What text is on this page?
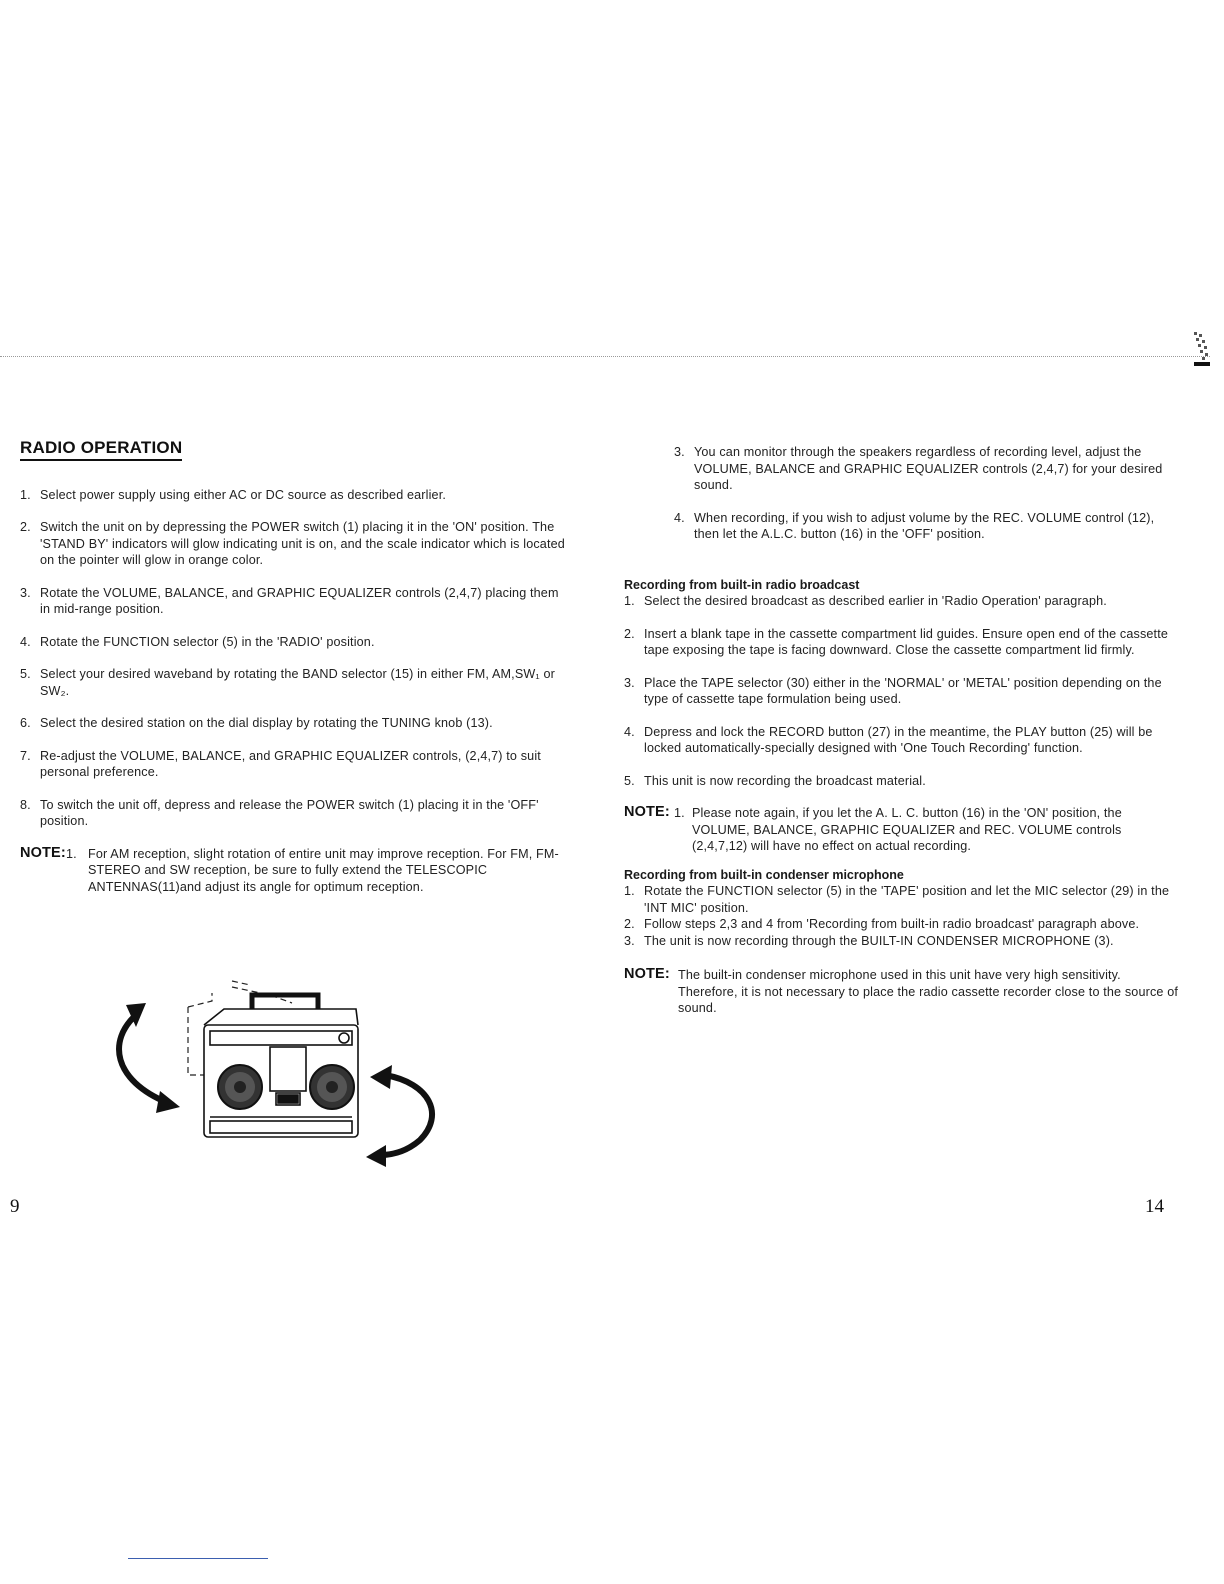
RADIO OPERATION
1. Select power supply using either AC or DC source as described earlier.
2. Switch the unit on by depressing the POWER switch (1) placing it in the 'ON' position. The 'STAND BY' indicators will glow indicating unit is on, and the scale indicator which is located on the pointer will glow in orange color.
3. Rotate the VOLUME, BALANCE, and GRAPHIC EQUALIZER controls (2,4,7) placing them in mid-range position.
4. Rotate the FUNCTION selector (5) in the 'RADIO' position.
5. Select your desired waveband by rotating the BAND selector (15) in either FM, AM,SW₁ or SW₂.
6. Select the desired station on the dial display by rotating the TUNING knob (13).
7. Re-adjust the VOLUME, BALANCE, and GRAPHIC EQUALIZER controls, (2,4,7) to suit personal preference.
8. To switch the unit off, depress and release the POWER switch (1) placing it in the 'OFF' position.
NOTE: 1. For AM reception, slight rotation of entire unit may improve reception. For FM, FM-STEREO and SW reception, be sure to fully extend the TELESCOPIC ANTENNAS(11)and adjust its angle for optimum reception.
3. You can monitor through the speakers regardless of recording level, adjust the VOLUME, BALANCE and GRAPHIC EQUALIZER controls (2,4,7) for your desired sound.
4. When recording, if you wish to adjust volume by the REC. VOLUME control (12), then let the A.L.C. button (16) in the 'OFF' position.

Recording from built-in radio broadcast

1. Select the desired broadcast as described earlier in 'Radio Operation' paragraph.
2. Insert a blank tape in the cassette compartment lid guides. Ensure open end of the cassette tape exposing the tape is facing downward. Close the cassette compartment lid firmly.
3. Place the TAPE selector (30) either in the 'NORMAL' or 'METAL' position depending on the type of cassette tape formulation being used.
4. Depress and lock the RECORD button (27) in the meantime, the PLAY button (25) will be locked automatically-specially designed with 'One Touch Recording' function.
5. This unit is now recording the broadcast material.
NOTE: 1. Please note again, if you let the A. L. C. button (16) in the 'ON' position, the VOLUME, BALANCE, GRAPHIC EQUALIZER and REC. VOLUME controls (2,4,7,12) will have no effect on actual recording.

Recording from built-in condenser microphone

1. Rotate the FUNCTION selector (5) in the 'TAPE' position and let the MIC selector (29) in the 'INT MIC' position.
2. Follow steps 2,3 and 4 from 'Recording from built-in radio broadcast' paragraph above.
3. The unit is now recording through the BUILT-IN CONDENSER MICROPHONE (3).
NOTE: The built-in condenser microphone used in this unit have very high sensitivity. Therefore, it is not necessary to place the radio cassette recorder close to the source of sound.
9	14
